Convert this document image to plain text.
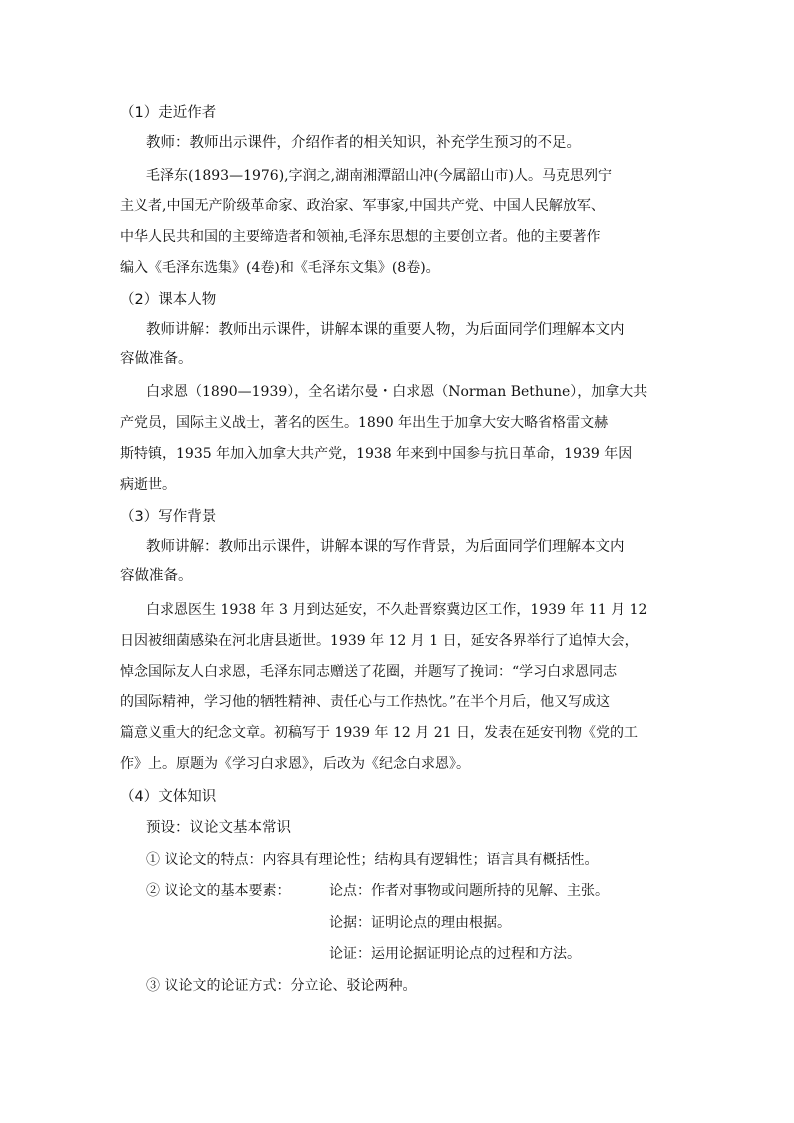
（1）走近作者
教师：教师出示课件，介绍作者的相关知识，补充学生预习的不足。
毛泽东(1893—1976),字润之,湖南湘潭韶山冲(今属韶山市)人。马克思列宁
主义者,中国无产阶级革命家、政治家、军事家,中国共产党、中国人民解放军、
中华人民共和国的主要缔造者和领袖,毛泽东思想的主要创立者。他的主要著作
编入《毛泽东选集》(4卷)和《毛泽东文集》(8卷)。
（2）课本人物
教师讲解：教师出示课件，讲解本课的重要人物，为后面同学们理解本文内
容做准备。
白求恩（1890—1939），全名诺尔曼・白求恩（Norman Bethune），加拿大共
产党员，国际主义战士，著名的医生。1890 年出生于加拿大安大略省格雷文赫
斯特镇，1935 年加入加拿大共产党，1938 年来到中国参与抗日革命，1939 年因
病逝世。
（3）写作背景
教师讲解：教师出示课件，讲解本课的写作背景，为后面同学们理解本文内
容做准备。
白求恩医生 1938 年 3 月到达延安，不久赴晋察冀边区工作，1939 年 11 月 12
日因被细菌感染在河北唐县逝世。1939 年 12 月 1 日，延安各界举行了追悼大会，
悼念国际友人白求恩，毛泽东同志赠送了花圈，并题写了挽词：“学习白求恩同志
的国际精神，学习他的牺牲精神、责任心与工作热忱。”在半个月后，他又写成这
篇意义重大的纪念文章。初稿写于 1939 年 12 月 21 日，发表在延安刊物《党的工
作》上。原题为《学习白求恩》，后改为《纪念白求恩》。
（4）文体知识
预设：议论文基本常识
① 议论文的特点：内容具有理论性；结构具有逻辑性；语言具有概括性。
② 议论文的基本要素：	论点：作者对事物或问题所持的见解、主张。
论据：证明论点的理由根据。
论证：运用论据证明论点的过程和方法。
③ 议论文的论证方式：分立论、驳论两种。
